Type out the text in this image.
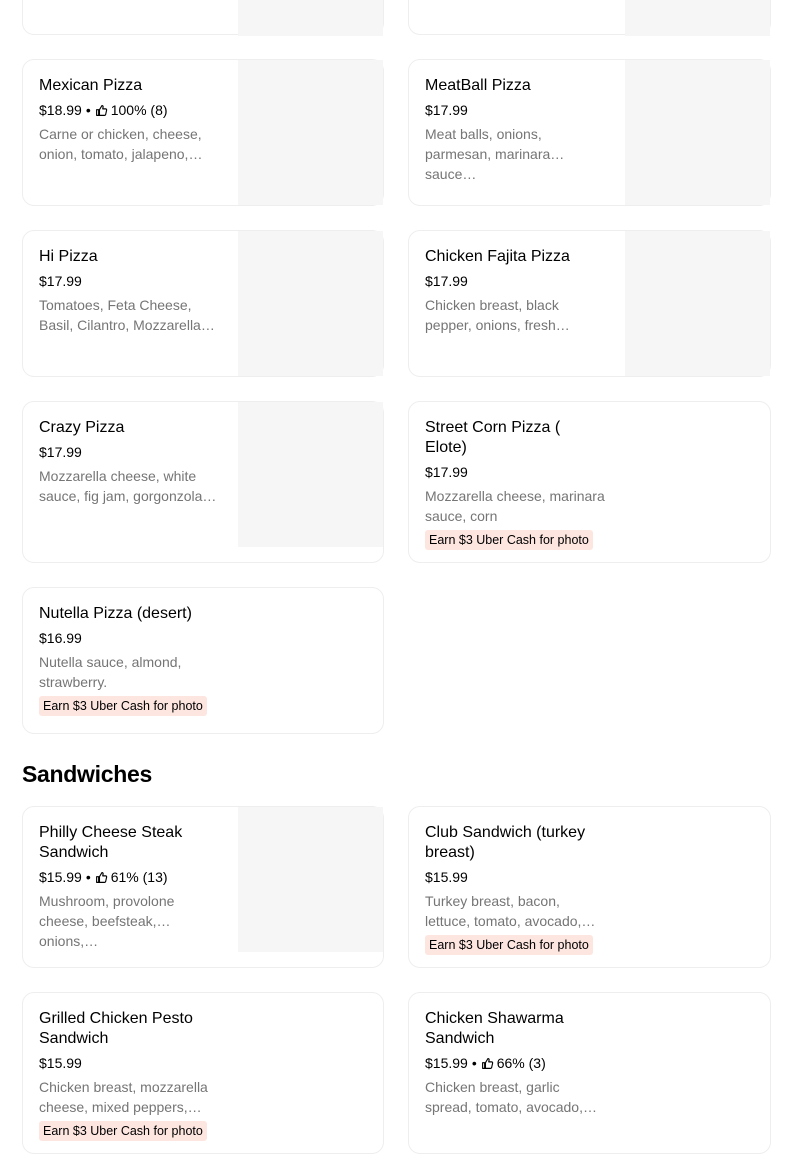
Mexican Pizza
$18.99 • 100% (8)
Carne or chicken, cheese, onion, tomato, jalapeno,…
MeatBall Pizza
$17.99
Meat balls, onions, parmesan, marinara sauce…
Hi Pizza
$17.99
Tomatoes, Feta Cheese, Basil, Cilantro, Mozzarella…
Chicken Fajita Pizza
$17.99
Chicken breast, black pepper, onions, fresh…
Crazy Pizza
$17.99
Mozzarella cheese, white sauce, fig jam, gorgonzola…
Street Corn Pizza ( Elote)
$17.99
Mozzarella cheese, marinara sauce, corn
Earn $3 Uber Cash for photo
Nutella Pizza (desert)
$16.99
Nutella sauce, almond, strawberry.
Earn $3 Uber Cash for photo
Sandwiches
Philly Cheese Steak Sandwich
$15.99 • 61% (13)
Mushroom, provolone cheese, beefsteak, onions,…
Club Sandwich (turkey breast)
$15.99
Turkey breast, bacon, lettuce, tomato, avocado,…
Earn $3 Uber Cash for photo
Grilled Chicken Pesto Sandwich
$15.99
Chicken breast, mozzarella cheese, mixed peppers,…
Earn $3 Uber Cash for photo
Chicken Shawarma Sandwich
$15.99 • 66% (3)
Chicken breast, garlic spread, tomato, avocado,…
